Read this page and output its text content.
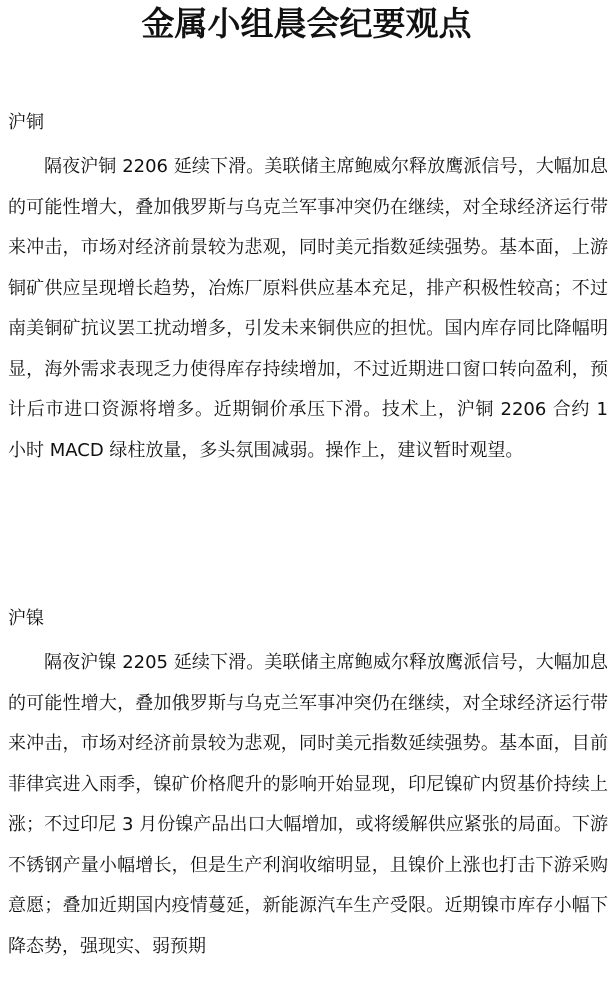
金属小组晨会纪要观点
沪铜

隔夜沪铜 2206 延续下滑。美联储主席鲍威尔释放鹰派信号，大幅加息的可能性增大，叠加俄罗斯与乌克兰军事冲突仍在继续，对全球经济运行带来冲击，市场对经济前景较为悲观，同时美元指数延续强势。基本面，上游铜矿供应呈现增长趋势，冶炼厂原料供应基本充足，排产积极性较高；不过南美铜矿抗议罢工扰动增多，引发未来铜供应的担忧。国内库存同比降幅明显，海外需求表现乏力使得库存持续增加，不过近期进口窗口转向盈利，预计后市进口资源将增多。近期铜价承压下滑。技术上，沪铜 2206 合约 1 小时 MACD 绿柱放量，多头氛围减弱。操作上，建议暂时观望。

沪镍

隔夜沪镍 2205 延续下滑。美联储主席鲍威尔释放鹰派信号，大幅加息的可能性增大，叠加俄罗斯与乌克兰军事冲突仍在继续，对全球经济运行带来冲击，市场对经济前景较为悲观，同时美元指数延续强势。基本面，目前菲律宾进入雨季，镍矿价格爬升的影响开始显现，印尼镍矿内贸基价持续上涨；不过印尼 3 月份镍产品出口大幅增加，或将缓解供应紧张的局面。下游不锈钢产量小幅增长，但是生产利润收缩明显，且镍价上涨也打击下游采购意愿；叠加近期国内疫情蔓延，新能源汽车生产受限。近期镍市库存小幅下降态势，强现实、弱预期
